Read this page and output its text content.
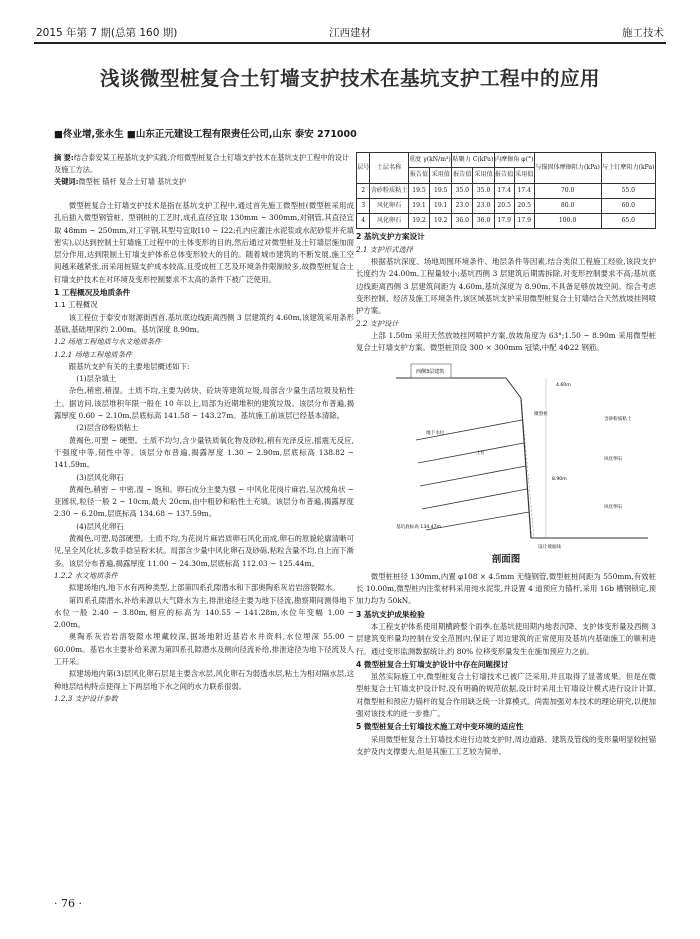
2015 年第 7 期(总第 160 期)	江西建材	施工技术
浅谈微型桩复合土钉墙支护技术在基坑支护工程中的应用
■佟业增,张永生 ■山东正元建设工程有限责任公司,山东 泰安 271000
摘 要:结合泰安某工程基坑支护实践,介绍微型桩复合土钉墙支护技术在基坑支护工程中的设计及施工方法。
关键词:微型桩 锚杆 复合土钉墙 基坑支护

微型桩复合土钉墙支护技术是指在基坑支护工程中,通过首先施工微型桩(微型桩采用成孔后插入微型钢管桩、型钢桩的工艺时,成孔直径宜取 130mm ~ 300mm,对钢管,其直径宜取 48mm ~ 250mm,对工字钢,其型号宜取Ⅰ10 ~ Ⅰ22;孔内应灌注水泥浆或水泥砂浆并充填密实),以达到控制土钉墙施工过程中的土体变形的目的,然后通过对微型桩及土钉墙层施加面层分作用,达到限制土钉墙支护体系总体变形较大的目的。随着城市建筑的不断发展,施工空间越来越紧张,而采用桩锚支护成本较高,且受成桩工艺及环境条件限制较多,故微型桩复合土钉墙支护技术在对环境及变形控制要求不太高的条件下被广泛使用。

1 工程概况及地质条件
1.1 工程概况

该工程位于泰安市财源街西首,基坑底边线距离西侧 3 层建筑约 4.60m,该建筑采用条形基础,基础埋深约 2.00m。基坑深度 8.90m。

1.2 场地工程地质与水文地质条件
1.2.1 场地工程地质条件

跟基坑支护有关的主要地层概述如下:

(1)层杂填土

杂色,稍密,稍湿。土质不均,主要为砖块、砼块等建筑垃圾,局部含少量生活垃圾及粘性土。据访问,该层堆积年限一般在 10 年以上,局部为近期堆积的建筑垃圾。该层分布普遍,揭露厚度 0.60 ~ 2.10m,层底标高 141.58 ~ 143.27m。基坑施工前该层已经基本清除。

(2)层含砂粉质粘土

黄褐色,可塑 ~ 硬塑。土质不均匀,含少量铁质氧化物及砂粒,稍有光泽反应,摇震无反应,干强度中等,韧性中等。该层分布普遍,揭露厚度 1.30 ~ 2.90m,层底标高 138.82 ~ 141.59m。

(3)层风化卵石

黄褐色,稍密 ~ 中密,湿 ~ 饱和。卵石成分主要为强 ~ 中风化花岗片麻岩,呈次棱角状 ~ 亚圆状,粒径一般 2 ~ 10cm,最大 20cm,由中粗砂和粘性土充填。该层分布普遍,揭露厚度 2.30 ~ 6.20m,层底标高 134.68 ~ 137.59m。

(4)层风化卵石

黄褐色,可塑,局部硬塑。土质不均,为花岗片麻岩质卵石风化而成,卵石的原貌轮廓清晰可见,呈全风化状,多数手捻呈粉末状。局部含少量中风化卵石及砂砾,粘粒含量不均,自上而下渐多。该层分布普遍,揭露厚度 11.00 ~ 24.30m,层底标高 112.03 ~ 125.44m。

1.2.2 水文地质条件

拟建场地内,地下水有两种类型,上部第四系孔隙潜水和下部奥陶系灰岩岩溶裂隙水。

第四系孔隙潜水,补给来源以大气降水为主,排泄途径主要为地下径流,勘察期间测得地下水位一般 2.40 ~ 3.80m,相应的标高为 140.55 ~ 141.28m,水位年变幅 1.00 ~ 2.00m。

奥陶系灰岩岩溶裂隙水埋藏较深,据场地附近基岩水井资料,水位埋深 55.00 ~ 60.00m。基岩水主要补给来源为第四系孔隙潜水及侧向径流补给,排泄途径为地下径流及人工开采。

拟建场地内第(3)层风化卵石层是主要含水层,风化卵石为弱透水层,粘土为相对隔水层,这种地层结构特点使得上下两层地下水之间的水力联系很弱。

1.2.3 支护设计参数
层号	土层名称	重度 γ(kN/m³)		粘聚力 C(kPa)		内摩擦角 φ(°)		与锚固体摩擦阻力(kPa)	与土钉摩阻力(kPa)
		报告值	采用值	报告值	采用值	报告值	采用值		
2	含砂粉质粘土	19.5	19.5	35.0	35.0	17.4	17.4	70.0	55.0
3	风化卵石	19.1	19.1	23.0	23.0	20.5	20.5	80.0	60.0
4	风化卵石	19.2	19.2	36.0	36.0	17.9	17.9	100.0	65.0
2 基坑支护方案设计
2.1 支护形式选择

根据基坑深度、场地周围环境条件、地层条件等因素,结合类似工程施工经验,该段支护长度约为 24.00m,工程量较小;基坑西侧 3 层建筑后期需拆除,对变形控制要求不高;基坑底边线距离西侧 3 层建筑间距为 4.60m,基坑深度为 8.90m,不具备足够放坡空间。综合考虑变形控制、经济及施工环境条件,该区域基坑支护采用微型桩复合土钉墙结合天然放坡挂网喷护方案。

2.2 支护设计

上部 1.50m 采用天然放坡挂网喷护方案,放坡角度为 63°;1.50 ~ 8.90m 采用微型桩复合土钉墙支护方案。微型桩顶设 300 × 300mm 冠梁,中配 4Φ22 钢筋。

西侧3层建筑
地下水位
土钉
微型桩
含砂粉质粘土
风化卵石
风化卵石
4.60m
基坑底标高 134.47m
8.90m
设计坡面线
剖面图

微型桩桩径 130mm,内置 φ108 × 4.5mm 无缝钢管,微型桩桩间距为 550mm,有效桩长 10.00m,微型桩内注浆材料采用纯水泥浆,并设置 4 道预应力锚杆,采用 16b 槽钢锁定,预加力均为 50kN。

3 基坑支护成果检验

本工程支护体系使用期横跨整个雨季,在基坑使用期内地表沉降、支护体变形量及西侧 3 层建筑变形量均控制在安全范围内,保证了周边建筑的正常使用及基坑内基础施工的顺利进行。通过变形监测数据统计,约 80% 位移变形量发生在施加预应力之前。

4 微型桩复合土钉墙支护设计中存在问题探讨

虽然实际施工中,微型桩复合土钉墙技术已被广泛采用,并且取得了显著成果。但是在微型桩复合土钉墙支护设计时,没有明确的规范依据,设计时采用土钉墙设计模式进行设计计算,对微型桩和预应力锚杆的复合作用缺乏统一计算模式。尚需加强对本技术的理论研究,以便加强对该技术的进一步推广。

5 微型桩复合土钉墙技术施工对中变环境的适应性

采用微型桩复合土钉墙技术进行边坡支护时,周边道路、建筑及管线的变形量明显较桩锚支护及内支撑要大,但是其施工工艺较为简单,

· 76 ·
